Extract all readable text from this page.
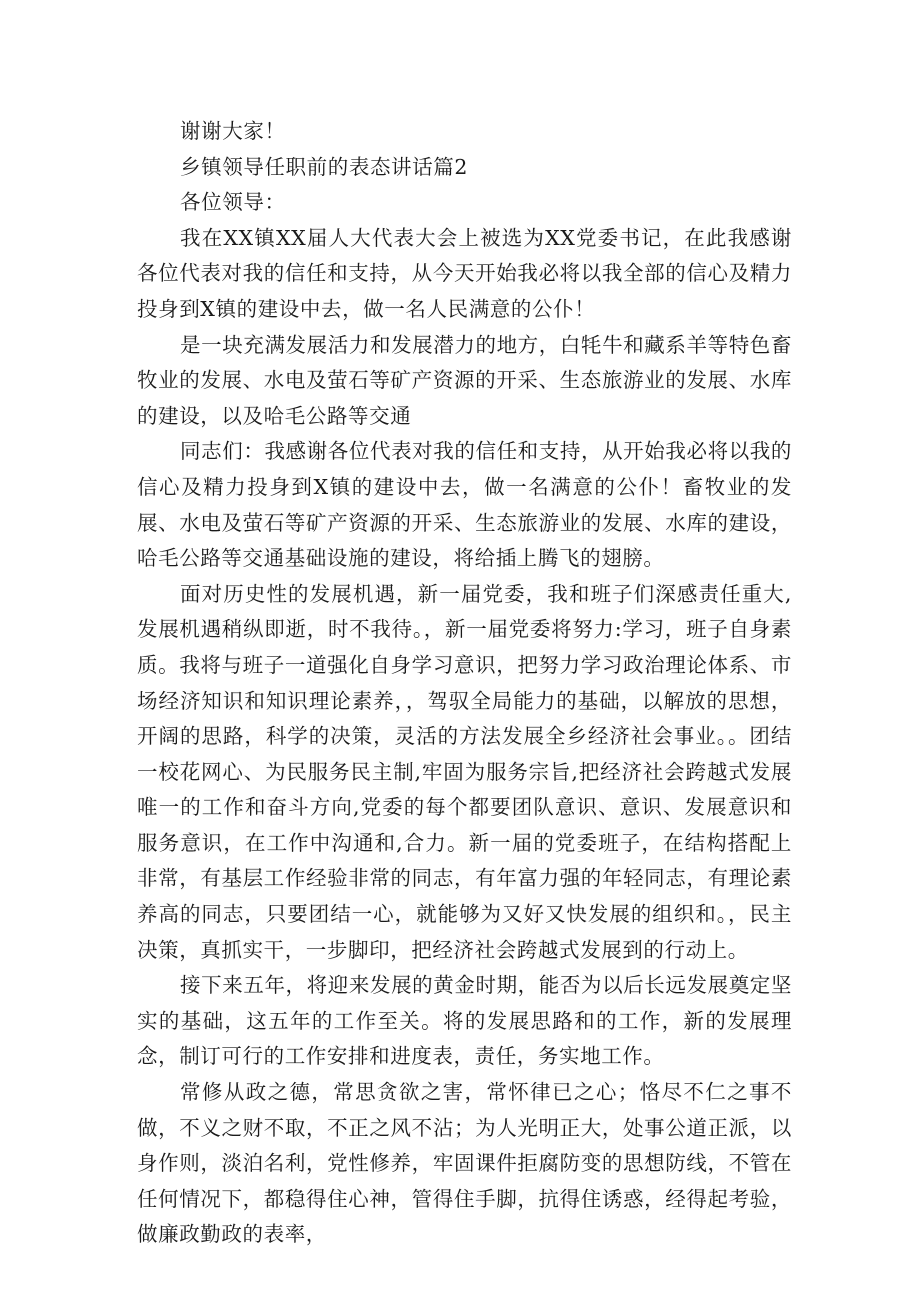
谢谢大家！

乡镇领导任职前的表态讲话篇2

各位领导：

我在XX镇XX届人大代表大会上被选为XX党委书记，在此我感谢各位代表对我的信任和支持，从今天开始我必将以我全部的信心及精力投身到X镇的建设中去，做一名人民满意的公仆！

是一块充满发展活力和发展潜力的地方，白牦牛和藏系羊等特色畜牧业的发展、水电及萤石等矿产资源的开采、生态旅游业的发展、水库的建设，以及哈毛公路等交通

同志们：我感谢各位代表对我的信任和支持，从开始我必将以我的信心及精力投身到X镇的建设中去，做一名满意的公仆！畜牧业的发展、水电及萤石等矿产资源的开采、生态旅游业的发展、水库的建设，哈毛公路等交通基础设施的建设，将给插上腾飞的翅膀。

面对历史性的发展机遇，新一届党委，我和班子们深感责任重大,发展机遇稍纵即逝，时不我待。，新一届党委将努力:学习，班子自身素质。我将与班子一道强化自身学习意识，把努力学习政治理论体系、市场经济知识和知识理论素养，，驾驭全局能力的基础，以解放的思想，开阔的思路，科学的决策，灵活的方法发展全乡经济社会事业。。团结一校花网心、为民服务民主制,牢固为服务宗旨,把经济社会跨越式发展唯一的工作和奋斗方向,党委的每个都要团队意识、意识、发展意识和服务意识，在工作中沟通和,合力。新一届的党委班子，在结构搭配上非常，有基层工作经验非常的同志，有年富力强的年轻同志，有理论素养高的同志，只要团结一心，就能够为又好又快发展的组织和。，民主决策，真抓实干，一步脚印，把经济社会跨越式发展到的行动上。

接下来五年，将迎来发展的黄金时期，能否为以后长远发展奠定坚实的基础，这五年的工作至关。将的发展思路和的工作，新的发展理念，制订可行的工作安排和进度表，责任，务实地工作。

常修从政之德，常思贪欲之害，常怀律已之心；恪尽不仁之事不做，不义之财不取，不正之风不沾；为人光明正大，处事公道正派，以身作则，淡泊名利，党性修养，牢固课件拒腐防变的思想防线，不管在任何情况下，都稳得住心神，管得住手脚，抗得住诱惑，经得起考验，做廉政勤政的表率，
